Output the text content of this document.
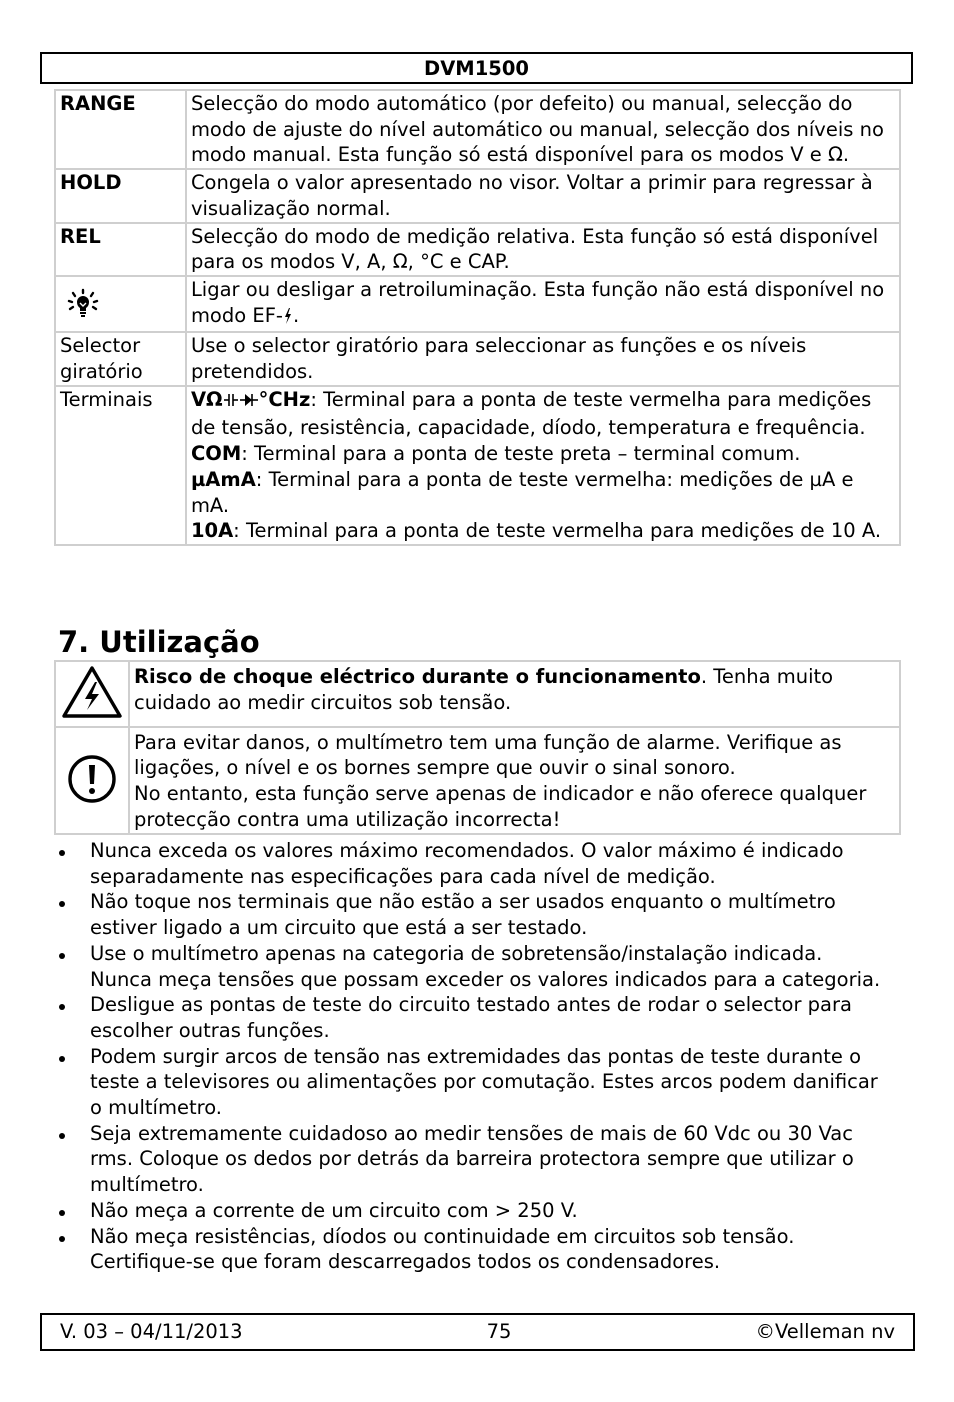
DVM1500
RANGE	Selecção do modo automático (por defeito) ou manual, selecção do modo de ajuste do nível automático ou manual, selecção dos níveis no modo manual. Esta função só está disponível para os modos V e Ω.
HOLD	Congela o valor apresentado no visor. Voltar a primir para regressar à visualização normal.
REL	Selecção do modo de medição relativa. Esta função só está disponível para os modos V, A, Ω, °C e CAP.
	Ligar ou desligar a retroiluminação. Esta função não está disponível no modo EF- .
Selector giratório	Use o selector giratório para seleccionar as funções e os níveis pretendidos.
Terminais	VΩ °CHz: Terminal para a ponta de teste vermelha para medições de tensão, resistência, capacidade, díodo, temperatura e frequência.
COM: Terminal para a ponta de teste preta – terminal comum.
µAmA: Terminal para a ponta de teste vermelha: medições de µA e mA.
10A: Terminal para a ponta de teste vermelha para medições de 10 A.
7. Utilização
	Risco de choque eléctrico durante o funcionamento. Tenha muito cuidado ao medir circuitos sob tensão.

Para evitar danos, o multímetro tem uma função de alarme. Verifique as ligações, o nível e os bornes sempre que ouvir o sinal sonoro.
No entanto, esta função serve apenas de indicador e não oferece qualquer protecção contra uma utilização incorrecta!
Nunca exceda os valores máximo recomendados. O valor máximo é indicado separadamente nas especificações para cada nível de medição.
Não toque nos terminais que não estão a ser usados enquanto o multímetro estiver ligado a um circuito que está a ser testado.
Use o multímetro apenas na categoria de sobretensão/instalação indicada. Nunca meça tensões que possam exceder os valores indicados para a categoria.
Desligue as pontas de teste do circuito testado antes de rodar o selector para escolher outras funções.
Podem surgir arcos de tensão nas extremidades das pontas de teste durante o teste a televisores ou alimentações por comutação. Estes arcos podem danificar o multímetro.
Seja extremamente cuidadoso ao medir tensões de mais de 60 Vdc ou 30 Vac rms. Coloque os dedos por detrás da barreira protectora sempre que utilizar o multímetro.
Não meça a corrente de um circuito com > 250 V.
Não meça resistências, díodos ou continuidade em circuitos sob tensão. Certifique-se que foram descarregados todos os condensadores.
V. 03 – 04/11/2013	75	©Velleman nv
